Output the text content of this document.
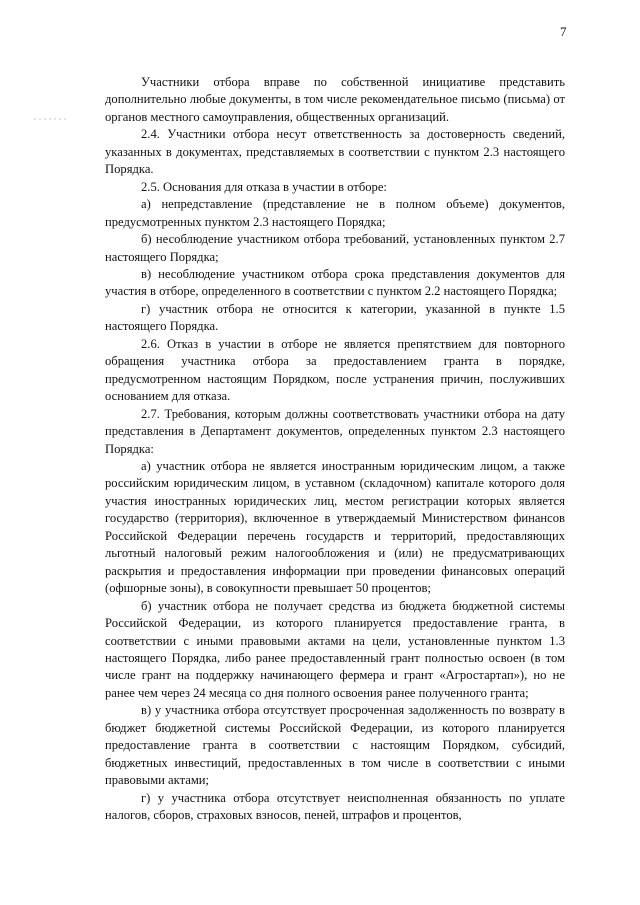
7

Участники отбора вправе по собственной инициативе представить дополнительно любые документы, в том числе рекомендательное письмо (письма) от органов местного самоуправления, общественных организаций.

2.4. Участники отбора несут ответственность за достоверность сведений, указанных в документах, представляемых в соответствии с пунктом 2.3 настоящего Порядка.

2.5. Основания для отказа в участии в отборе:

а) непредставление (представление не в полном объеме) документов, предусмотренных пунктом 2.3 настоящего Порядка;

б) несоблюдение участником отбора требований, установленных пунктом 2.7 настоящего Порядка;

в) несоблюдение участником отбора срока представления документов для участия в отборе, определенного в соответствии с пунктом 2.2 настоящего Порядка;

г) участник отбора не относится к категории, указанной в пункте 1.5 настоящего Порядка.

2.6. Отказ в участии в отборе не является препятствием для повторного обращения участника отбора за предоставлением гранта в порядке, предусмотренном настоящим Порядком, после устранения причин, послуживших основанием для отказа.

2.7. Требования, которым должны соответствовать участники отбора на дату представления в Департамент документов, определенных пунктом 2.3 настоящего Порядка:

а) участник отбора не является иностранным юридическим лицом, а также российским юридическим лицом, в уставном (складочном) капитале которого доля участия иностранных юридических лиц, местом регистрации которых является государство (территория), включенное в утверждаемый Министерством финансов Российской Федерации перечень государств и территорий, предоставляющих льготный налоговый режим налогообложения и (или) не предусматривающих раскрытия и предоставления информации при проведении финансовых операций (офшорные зоны), в совокупности превышает 50 процентов;

б) участник отбора не получает средства из бюджета бюджетной системы Российской Федерации, из которого планируется предоставление гранта, в соответствии с иными правовыми актами на цели, установленные пунктом 1.3 настоящего Порядка, либо ранее предоставленный грант полностью освоен (в том числе грант на поддержку начинающего фермера и грант «Агростартап»), но не ранее чем через 24 месяца со дня полного освоения ранее полученного гранта;

в) у участника отбора отсутствует просроченная задолженность по возврату в бюджет бюджетной системы Российской Федерации, из которого планируется предоставление гранта в соответствии с настоящим Порядком, субсидий, бюджетных инвестиций, предоставленных в том числе в соответствии с иными правовыми актами;

г) у участника отбора отсутствует неисполненная обязанность по уплате налогов, сборов, страховых взносов, пеней, штрафов и процентов,
